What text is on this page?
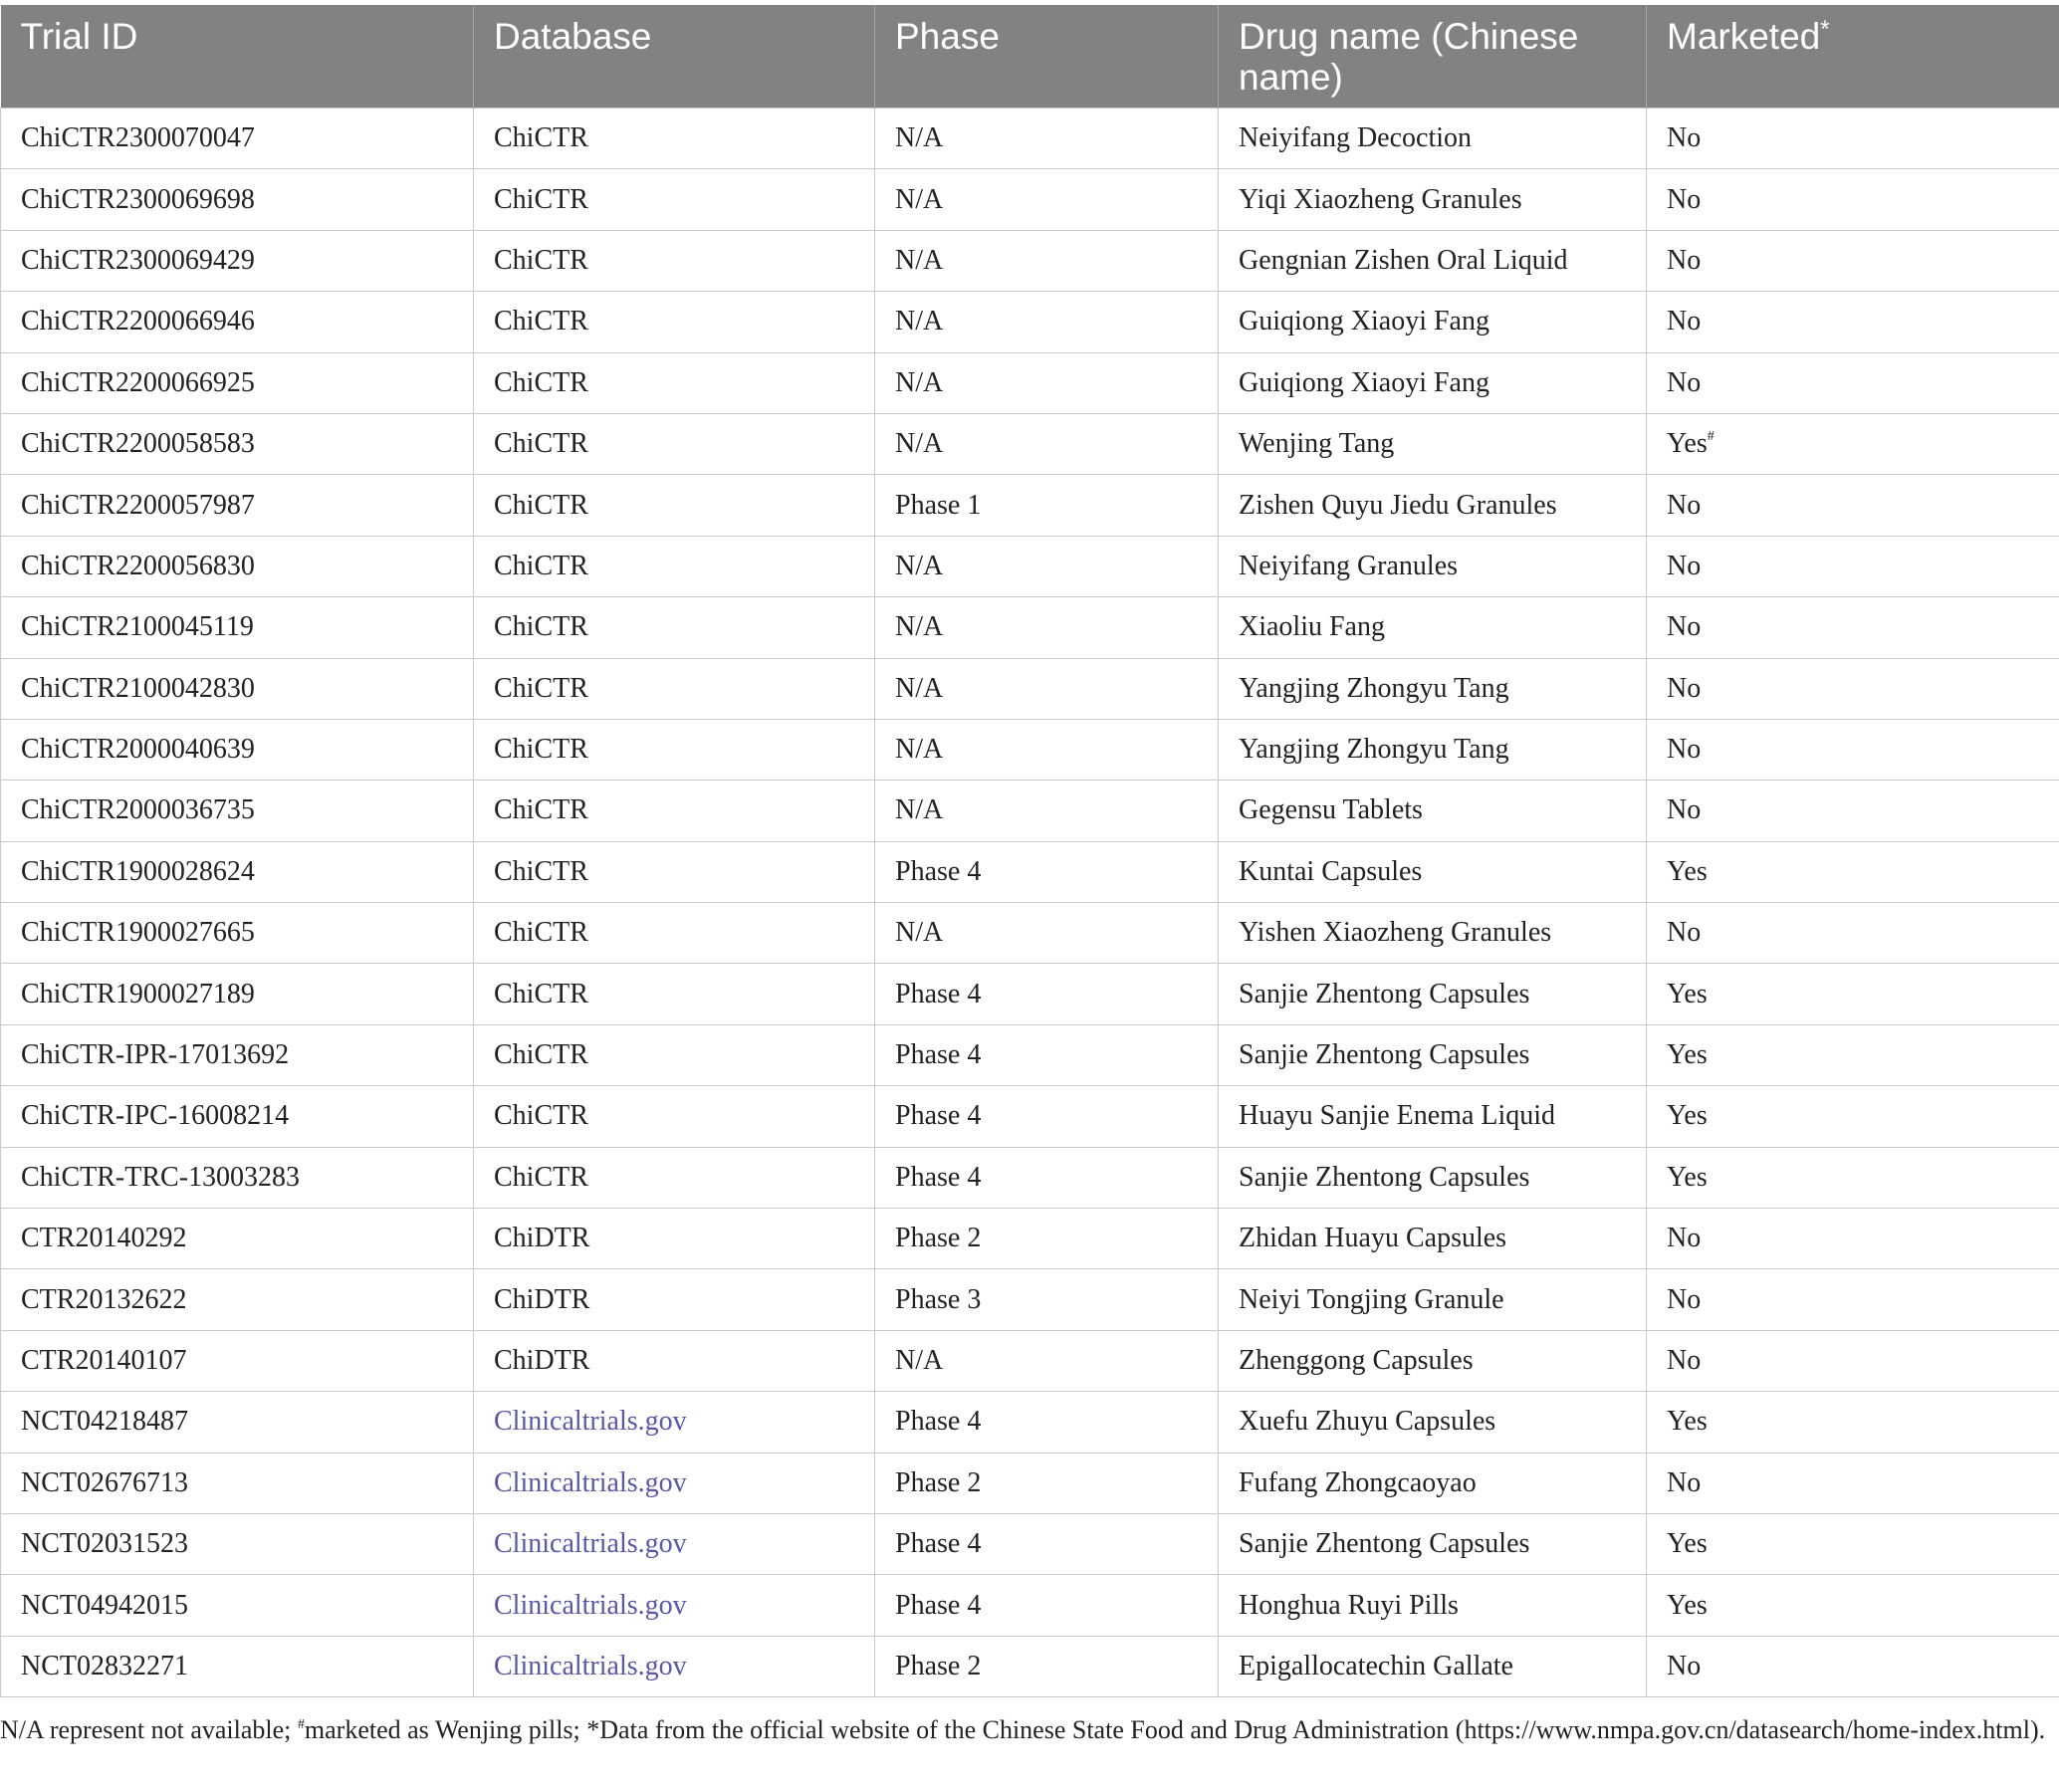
Trial ID	Database	Phase	Drug name (Chinese name)	Marketed*
ChiCTR2300070047	ChiCTR	N/A	Neiyifang Decoction	No
ChiCTR2300069698	ChiCTR	N/A	Yiqi Xiaozheng Granules	No
ChiCTR2300069429	ChiCTR	N/A	Gengnian Zishen Oral Liquid	No
ChiCTR2200066946	ChiCTR	N/A	Guiqiong Xiaoyi Fang	No
ChiCTR2200066925	ChiCTR	N/A	Guiqiong Xiaoyi Fang	No
ChiCTR2200058583	ChiCTR	N/A	Wenjing Tang	Yes#
ChiCTR2200057987	ChiCTR	Phase 1	Zishen Quyu Jiedu Granules	No
ChiCTR2200056830	ChiCTR	N/A	Neiyifang Granules	No
ChiCTR2100045119	ChiCTR	N/A	Xiaoliu Fang	No
ChiCTR2100042830	ChiCTR	N/A	Yangjing Zhongyu Tang	No
ChiCTR2000040639	ChiCTR	N/A	Yangjing Zhongyu Tang	No
ChiCTR2000036735	ChiCTR	N/A	Gegensu Tablets	No
ChiCTR1900028624	ChiCTR	Phase 4	Kuntai Capsules	Yes
ChiCTR1900027665	ChiCTR	N/A	Yishen Xiaozheng Granules	No
ChiCTR1900027189	ChiCTR	Phase 4	Sanjie Zhentong Capsules	Yes
ChiCTR-IPR-17013692	ChiCTR	Phase 4	Sanjie Zhentong Capsules	Yes
ChiCTR-IPC-16008214	ChiCTR	Phase 4	Huayu Sanjie Enema Liquid	Yes
ChiCTR-TRC-13003283	ChiCTR	Phase 4	Sanjie Zhentong Capsules	Yes
CTR20140292	ChiDTR	Phase 2	Zhidan Huayu Capsules	No
CTR20132622	ChiDTR	Phase 3	Neiyi Tongjing Granule	No
CTR20140107	ChiDTR	N/A	Zhenggong Capsules	No
NCT04218487	Clinicaltrials.gov	Phase 4	Xuefu Zhuyu Capsules	Yes
NCT02676713	Clinicaltrials.gov	Phase 2	Fufang Zhongcaoyao	No
NCT02031523	Clinicaltrials.gov	Phase 4	Sanjie Zhentong Capsules	Yes
NCT04942015	Clinicaltrials.gov	Phase 4	Honghua Ruyi Pills	Yes
NCT02832271	Clinicaltrials.gov	Phase 2	Epigallocatechin Gallate	No
N/A represent not available; #marketed as Wenjing pills; *Data from the official website of the Chinese State Food and Drug Administration (https://www.nmpa.gov.cn/datasearch/home-index.html).
